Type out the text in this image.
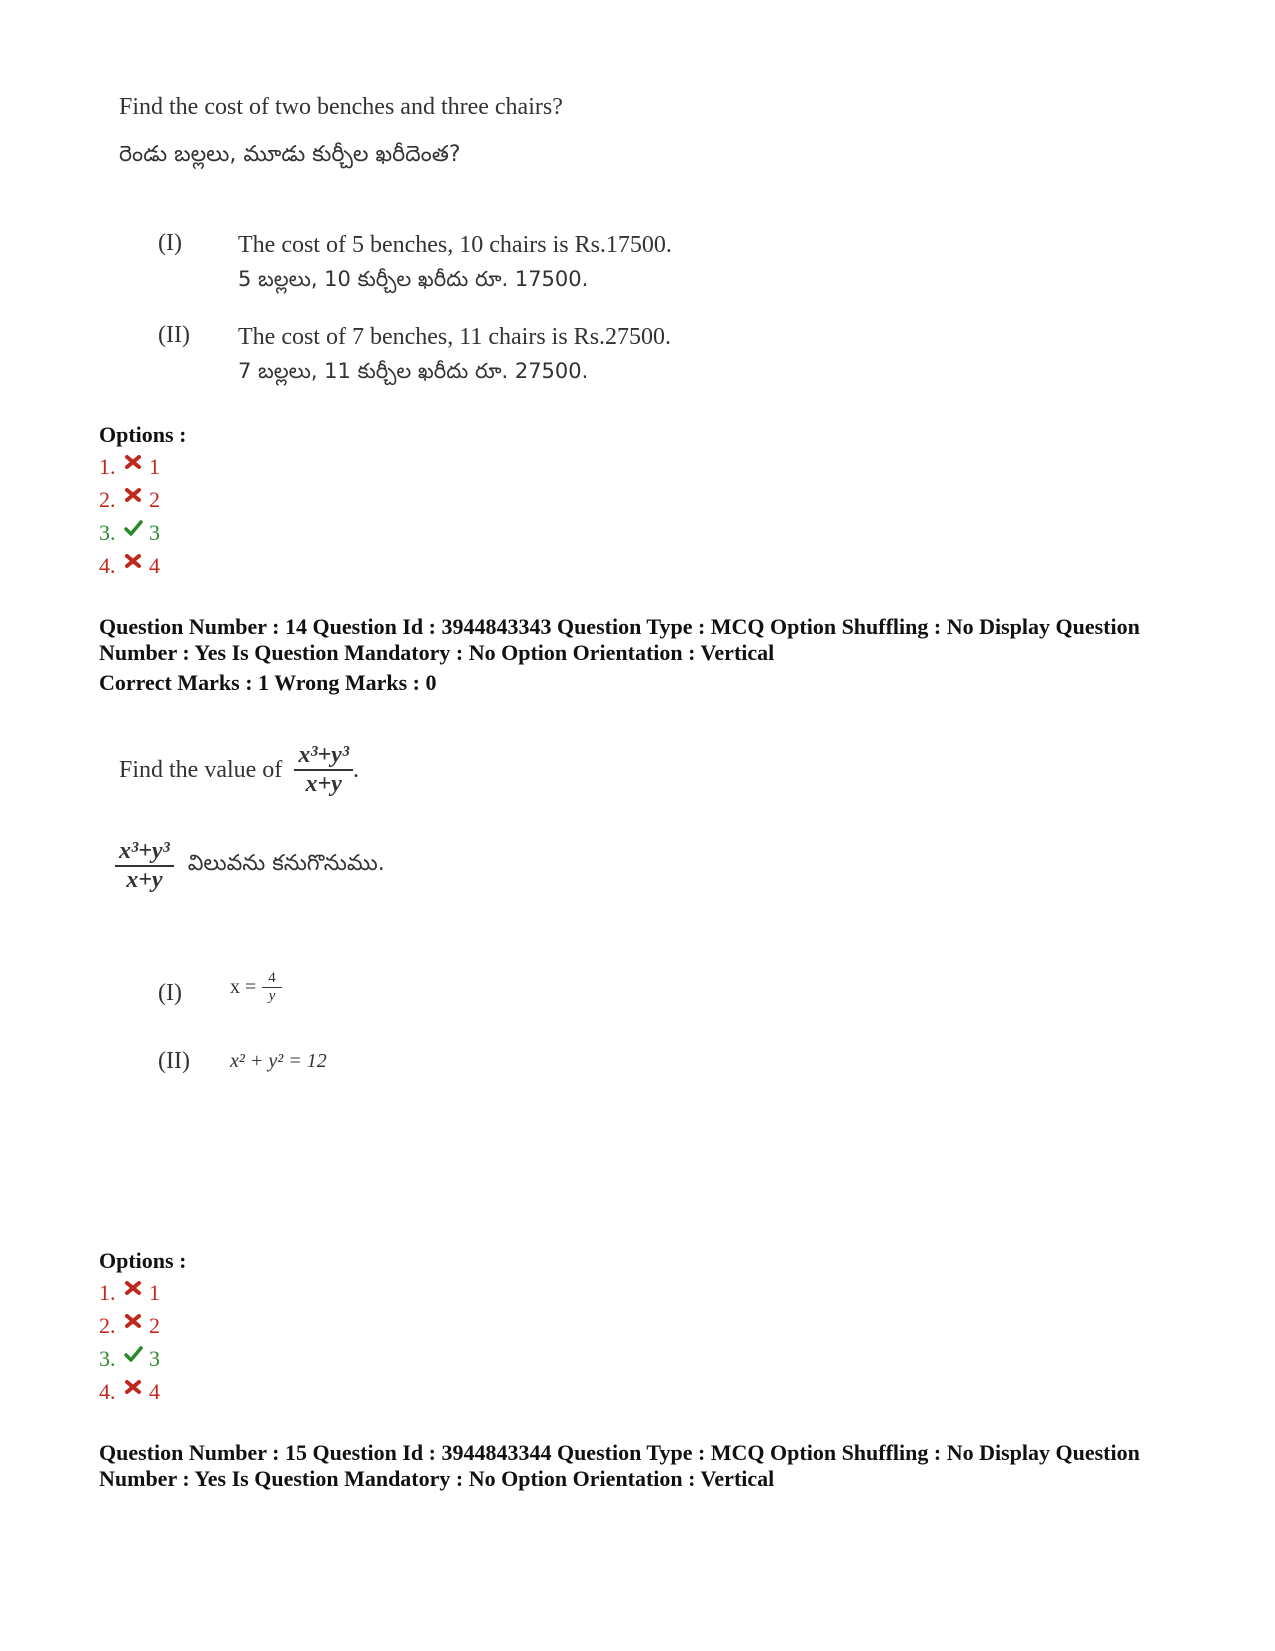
Find the cost of two benches and three chairs?
రెండు బల్లలు, మూడు కుర్చీల ఖరీదెంత?
(I) The cost of 5 benches, 10 chairs is Rs.17500.
5 బల్లలు, 10 కుర్చీల ఖరీదు రూ. 17500.
(II) The cost of 7 benches, 11 chairs is Rs.27500.
7 బల్లలు, 11 కుర్చీల ఖరీదు రూ. 27500.
Options :
1.	1
2.	2
3.	3
4.	4
Question Number : 14 Question Id : 3944843343 Question Type : MCQ Option Shuffling : No Display Question
Number : Yes Is Question Mandatory : No Option Orientation : Vertical
Correct Marks : 1 Wrong Marks : 0
Find the value of $\frac{\text{x³+y³}}{x+y}$ .
$\frac{\text{x³+y³}}{x+y}$ విలువను కనుగొనుము.
(I) $x = \frac{4}{y}$
(II) x² + y² = 12
Options :
1.	1
2.	2
3.	3
4.	4
Question Number : 15 Question Id : 3944843344 Question Type : MCQ Option Shuffling : No Display Question
Number : Yes Is Question Mandatory : No Option Orientation : Vertical
